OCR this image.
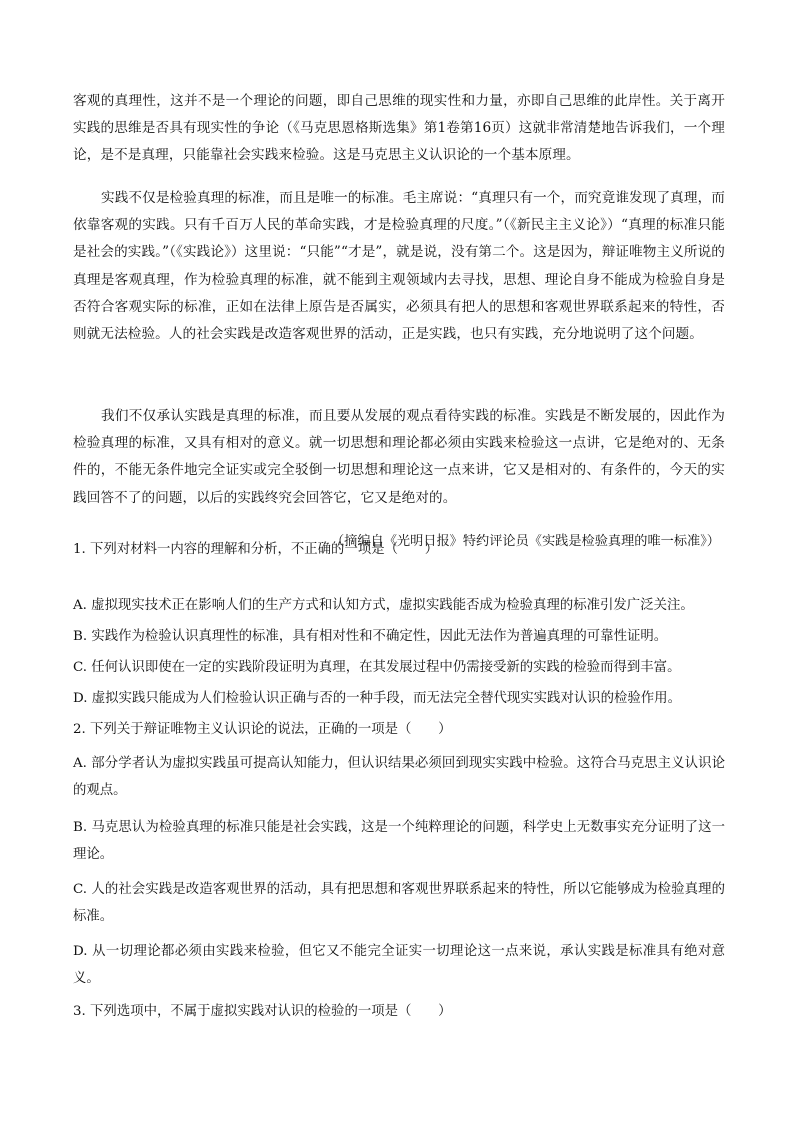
客观的真理性，这并不是一个理论的问题，即自己思维的现实性和力量，亦即自己思维的此岸性。关于离开实践的思维是否具有现实性的争论（《马克思恩格斯选集》第1卷第16页）这就非常清楚地告诉我们，一个理论，是不是真理，只能靠社会实践来检验。这是马克思主义认识论的一个基本原理。

实践不仅是检验真理的标准，而且是唯一的标准。毛主席说：“真理只有一个，而究竟谁发现了真理，而依靠客观的实践。只有千百万人民的革命实践，才是检验真理的尺度。”（《新民主主义论》）“真理的标准只能是社会的实践。”（《实践论》）这里说：“只能”“才是”，就是说，没有第二个。这是因为，辩证唯物主义所说的真理是客观真理，作为检验真理的标准，就不能到主观领域内去寻找，思想、理论自身不能成为检验自身是否符合客观实际的标准，正如在法律上原告是否属实，必须具有把人的思想和客观世界联系起来的特性，否则就无法检验。人的社会实践是改造客观世界的活动，正是实践，也只有实践，充分地说明了这个问题。

我们不仅承认实践是真理的标准，而且要从发展的观点看待实践的标准。实践是不断发展的，因此作为检验真理的标准，又具有相对的意义。就一切思想和理论都必须由实践来检验这一点讲，它是绝对的、无条件的，不能无条件地完全证实或完全驳倒一切思想和理论这一点来讲，它又是相对的、有条件的，今天的实践回答不了的问题，以后的实践终究会回答它，它又是绝对的。

（摘编自《光明日报》特约评论员《实践是检验真理的唯一标准》）

1. 下列对材料一内容的理解和分析，不正确的一项是（　　）

A. 虚拟现实技术正在影响人们的生产方式和认知方式，虚拟实践能否成为检验真理的标准引发广泛关注。

B. 实践作为检验认识真理性的标准，具有相对性和不确定性，因此无法作为普遍真理的可靠性证明。

C. 任何认识即使在一定的实践阶段证明为真理，在其发展过程中仍需接受新的实践的检验而得到丰富。

D. 虚拟实践只能成为人们检验认识正确与否的一种手段，而无法完全替代现实实践对认识的检验作用。

2. 下列关于辩证唯物主义认识论的说法，正确的一项是（　　）

A. 部分学者认为虚拟实践虽可提高认知能力，但认识结果必须回到现实实践中检验。这符合马克思主义认识论的观点。

B. 马克思认为检验真理的标准只能是社会实践，这是一个纯粹理论的问题，科学史上无数事实充分证明了这一理论。

C. 人的社会实践是改造客观世界的活动，具有把思想和客观世界联系起来的特性，所以它能够成为检验真理的标准。

D. 从一切理论都必须由实践来检验，但它又不能完全证实一切理论这一点来说，承认实践是标准具有绝对意义。

3. 下列选项中，不属于虚拟实践对认识的检验的一项是（　　）
